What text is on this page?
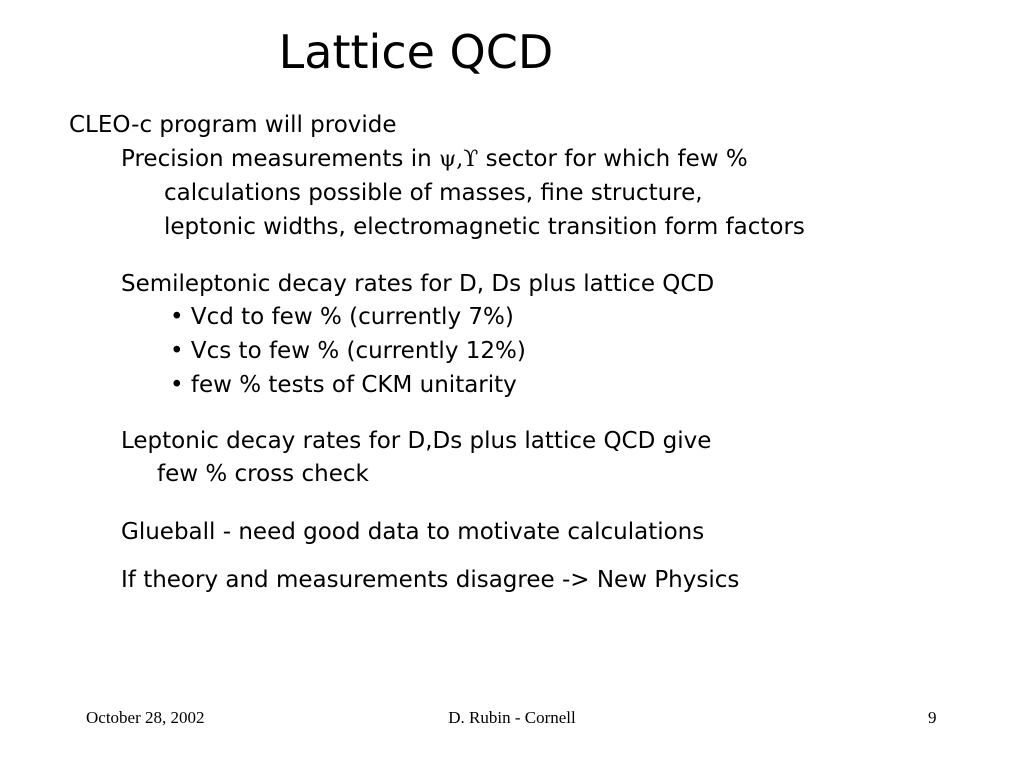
Lattice QCD
CLEO-c program will provide
Precision measurements in ψ,ϒ sector for which few %
calculations possible of masses, fine structure,
leptonic widths, electromagnetic transition form factors
Semileptonic decay rates for D, Ds plus lattice QCD
• Vcd to few % (currently 7%)
• Vcs to few % (currently 12%)
• few % tests of CKM unitarity
Leptonic decay rates for D,Ds plus lattice QCD give
few % cross check
Glueball - need good data to motivate calculations
If theory and measurements disagree -> New Physics
October 28, 2002	D. Rubin - Cornell	9
